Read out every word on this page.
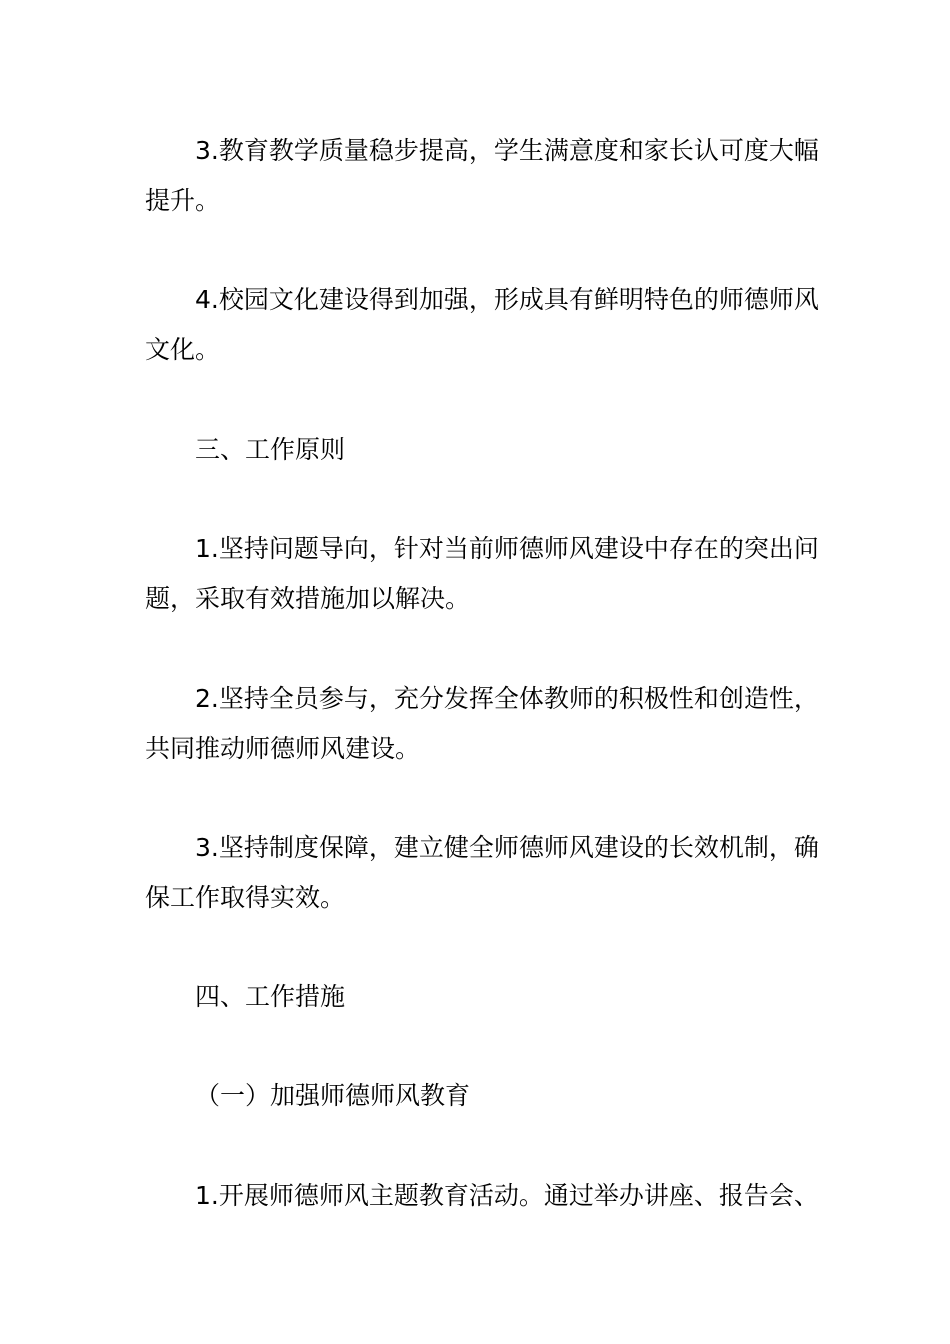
3.教育教学质量稳步提高，学生满意度和家长认可度大幅提升。

4.校园文化建设得到加强，形成具有鲜明特色的师德师风文化。

三、工作原则

1.坚持问题导向，针对当前师德师风建设中存在的突出问题，采取有效措施加以解决。

2.坚持全员参与，充分发挥全体教师的积极性和创造性，共同推动师德师风建设。

3.坚持制度保障，建立健全师德师风建设的长效机制，确保工作取得实效。

四、工作措施

（一）加强师德师风教育

1.开展师德师风主题教育活动。通过举办讲座、报告会、
